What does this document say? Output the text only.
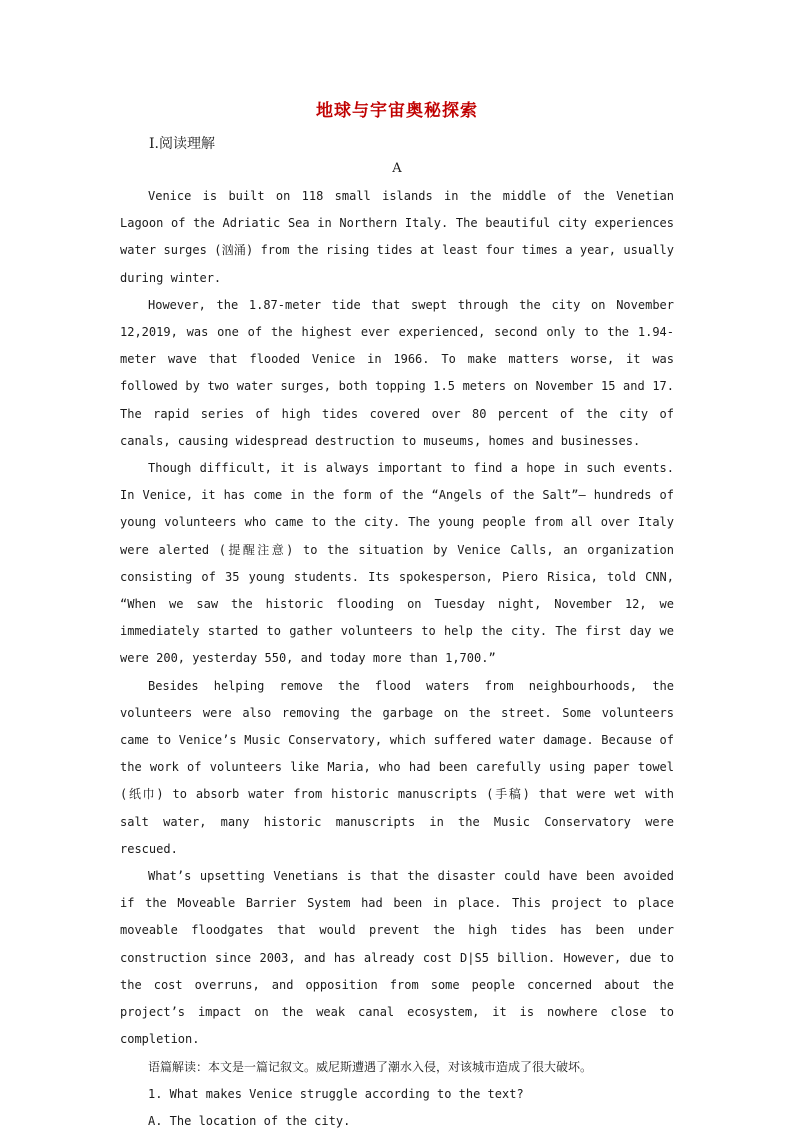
地球与宇宙奥秘探索
Ⅰ.阅读理解
A

Venice is built on 118 small islands in the middle of the Venetian Lagoon of the Adriatic Sea in Northern Italy. The beautiful city experiences water surges (汹涌) from the rising tides at least four times a year, usually during winter.

However, the 1.87-meter tide that swept through the city on November 12,2019, was one of the highest ever experienced, second only to the 1.94-meter wave that flooded Venice in 1966. To make matters worse, it was followed by two water surges, both topping 1.5 meters on November 15 and 17. The rapid series of high tides covered over 80 percent of the city of canals, causing widespread destruction to museums, homes and businesses.

Though difficult, it is always important to find a hope in such events. In Venice, it has come in the form of the “Angels of the Salt”— hundreds of young volunteers who came to the city. The young people from all over Italy were alerted (提醒注意) to the situation by Venice Calls, an organization consisting of 35 young students. Its spokesperson, Piero Risica, told CNN, “When we saw the historic flooding on Tuesday night, November 12, we immediately started to gather volunteers to help the city. The first day we were 200, yesterday 550, and today more than 1,700.”

Besides helping remove the flood waters from neighbourhoods, the volunteers were also removing the garbage on the street. Some volunteers came to Venice’s Music Conservatory, which suffered water damage. Because of the work of volunteers like Maria, who had been carefully using paper towel (纸巾) to absorb water from historic manuscripts (手稿) that were wet with salt water, many historic manuscripts in the Music Conservatory were rescued.

What’s upsetting Venetians is that the disaster could have been avoided if the Moveable Barrier System had been in place. This project to place moveable floodgates that would prevent the high tides has been under construction since 2003, and has already cost D|S5 billion. However, due to the cost overruns, and opposition from some people concerned about the project’s impact on the weak canal ecosystem, it is nowhere close to completion.

语篇解读：本文是一篇记叙文。威尼斯遭遇了潮水入侵，对该城市造成了很大破坏。

1. What makes Venice struggle according to the text?

A. The location of the city.
